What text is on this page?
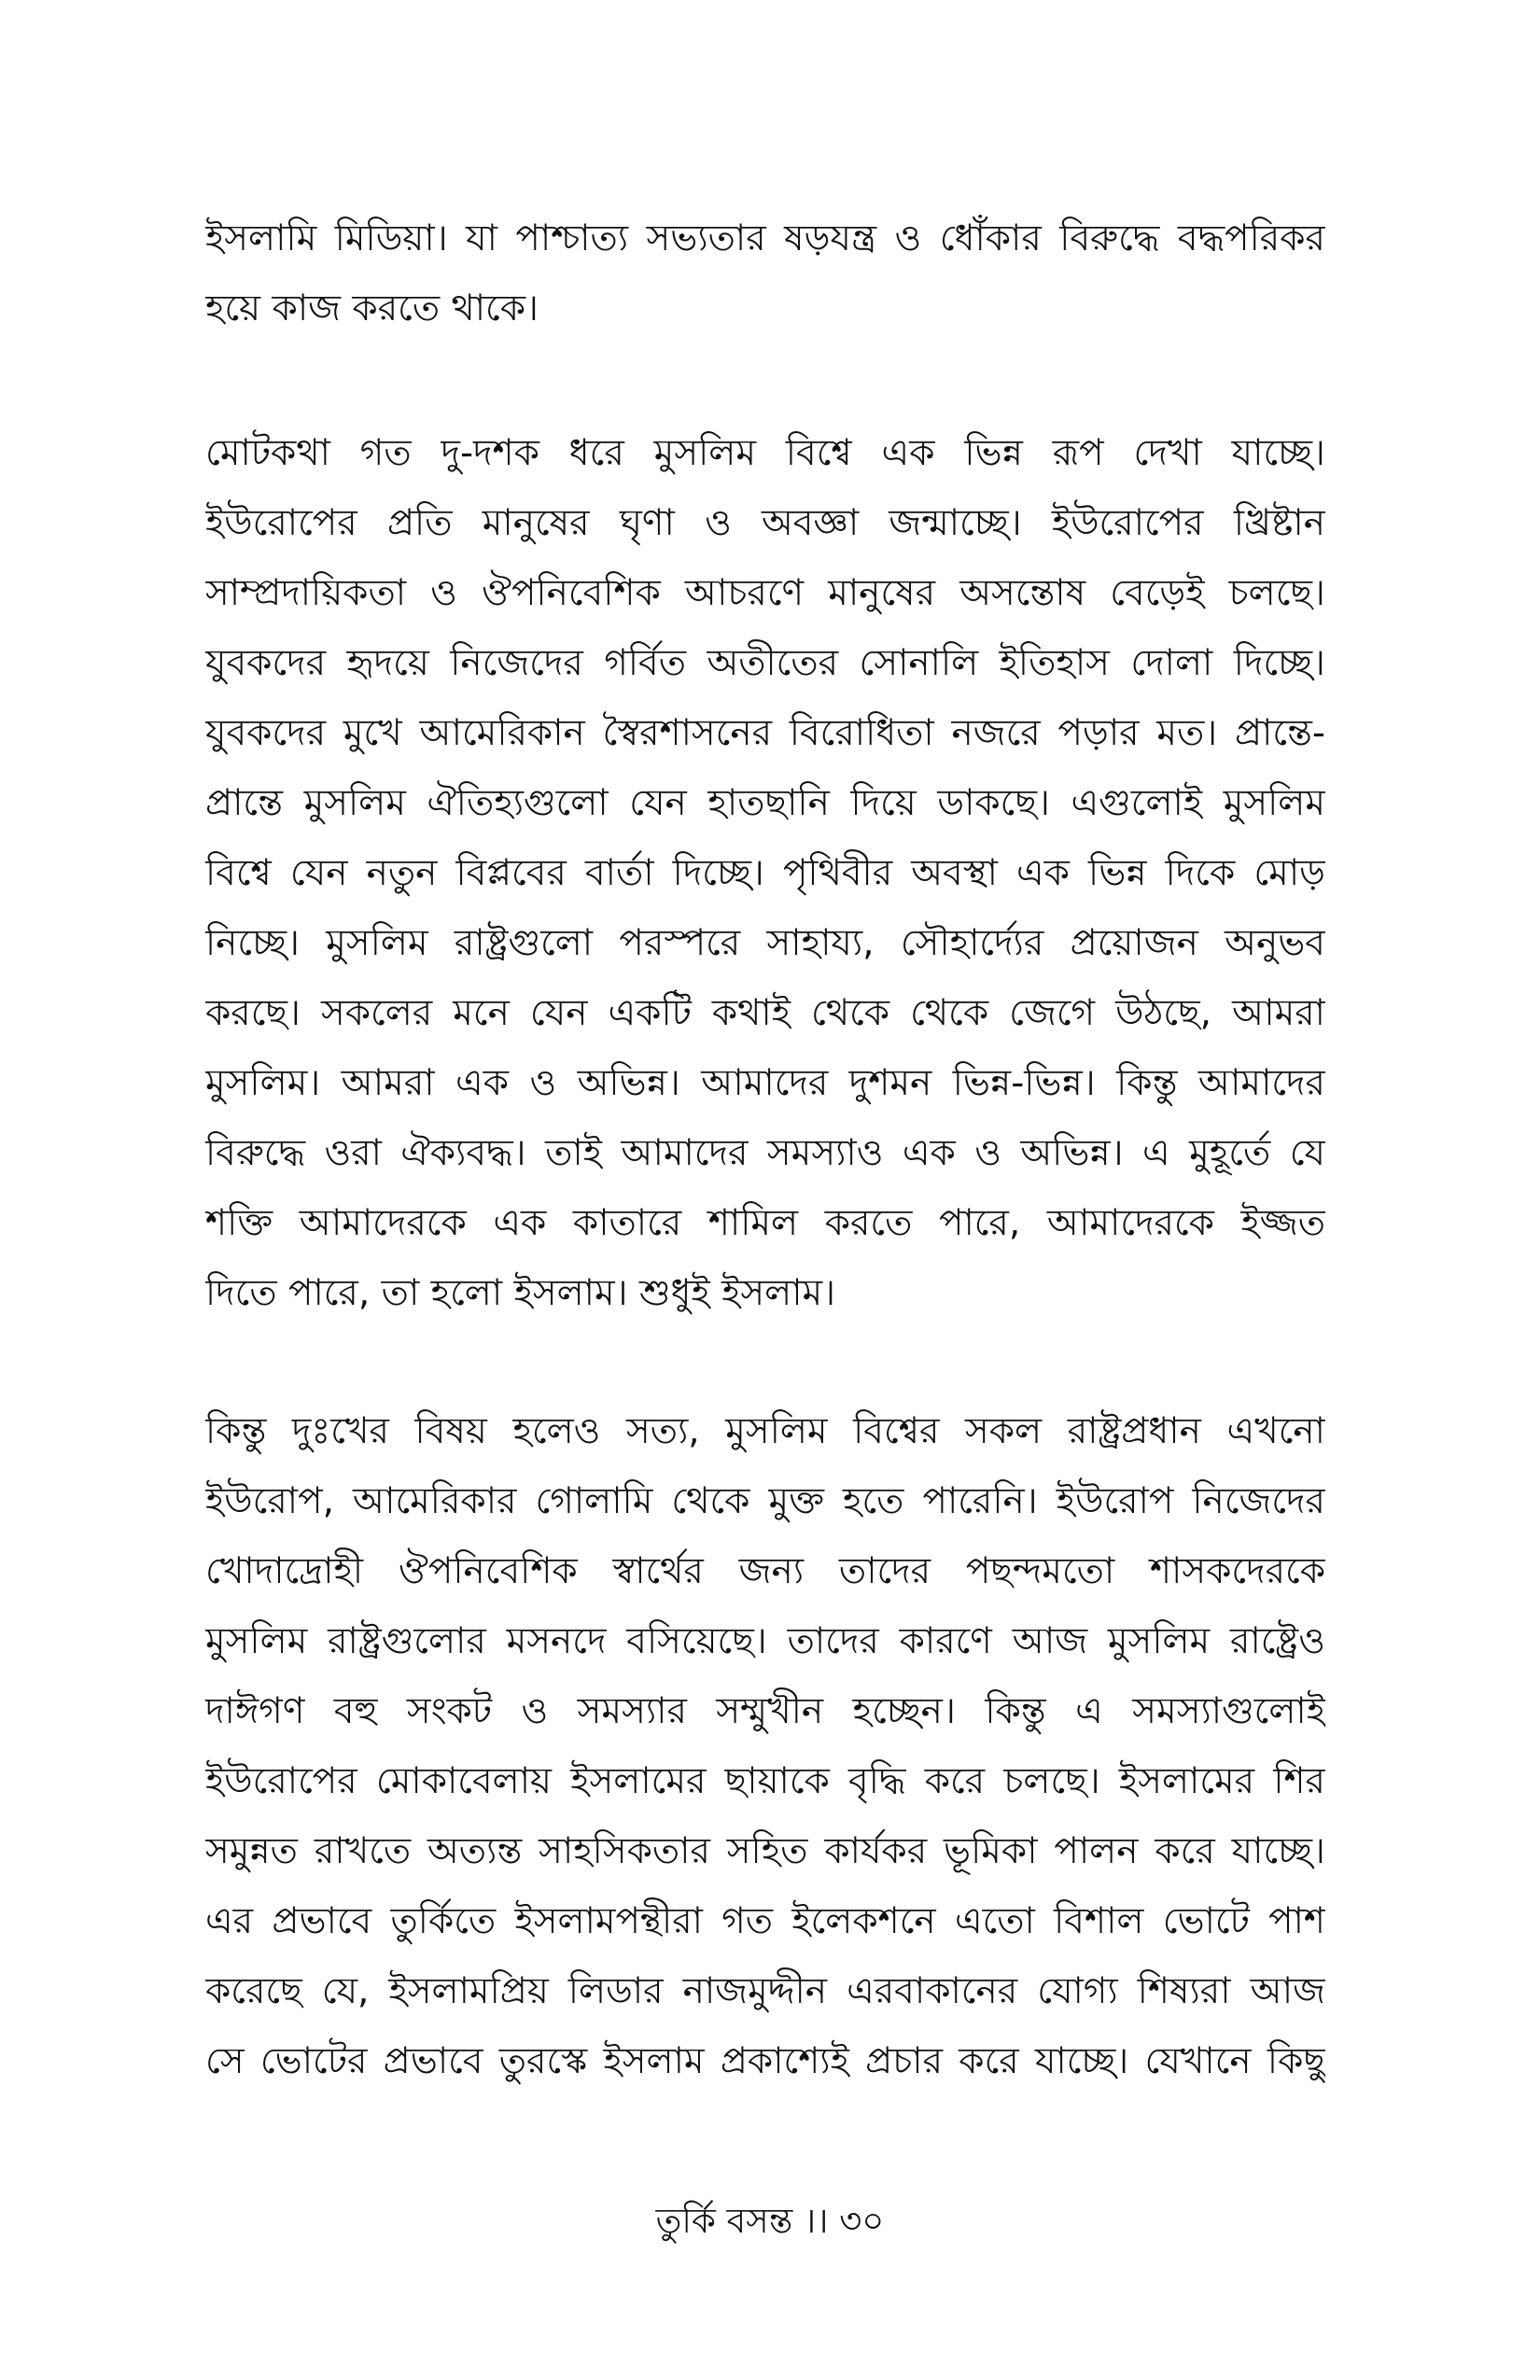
ইসলামি মিডিয়া। যা পাশ্চাত্য সভ্যতার ষড়যন্ত্র ও ধোঁকার বিরুদ্ধে বদ্ধপরিকর
হয়ে কাজ করতে থাকে।
মোটকথা গত দু-দশক ধরে মুসলিম বিশ্বে এক ভিন্ন রূপ দেখা যাচ্ছে।
ইউরোপের প্রতি মানুষের ঘৃণা ও অবজ্ঞা জন্মাচ্ছে। ইউরোপের খ্রিষ্টান
সাম্প্রদায়িকতা ও ঔপনিবেশিক আচরণে মানুষের অসন্তোষ বেড়েই চলছে।
যুবকদের হৃদয়ে নিজেদের গর্বিত অতীতের সোনালি ইতিহাস দোলা দিচ্ছে।
যুবকদের মুখে আমেরিকান স্বৈরশাসনের বিরোধিতা নজরে পড়ার মত। প্রান্তে-
প্রান্তে মুসলিম ঐতিহ্যগুলো যেন হাতছানি দিয়ে ডাকছে। এগুলোই মুসলিম
বিশ্বে যেন নতুন বিপ্লবের বার্তা দিচ্ছে। পৃথিবীর অবস্থা এক ভিন্ন দিকে মোড়
নিচ্ছে। মুসলিম রাষ্ট্রগুলো পরস্পরে সাহায্য, সৌহার্দ্যের প্রয়োজন অনুভব
করছে। সকলের মনে যেন একটি কথাই থেকে থেকে জেগে উঠছে, আমরা
মুসলিম। আমরা এক ও অভিন্ন। আমাদের দুশমন ভিন্ন-ভিন্ন। কিন্তু আমাদের
বিরুদ্ধে ওরা ঐক্যবদ্ধ। তাই আমাদের সমস্যাও এক ও অভিন্ন। এ মুহূর্তে যে
শক্তি আমাদেরকে এক কাতারে শামিল করতে পারে, আমাদেরকে ইজ্জত
দিতে পারে, তা হলো ইসলাম। শুধুই ইসলাম।
কিন্তু দুঃখের বিষয় হলেও সত্য, মুসলিম বিশ্বের সকল রাষ্ট্রপ্রধান এখনো
ইউরোপ, আমেরিকার গোলামি থেকে মুক্ত হতে পারেনি। ইউরোপ নিজেদের
খোদাদ্রোহী ঔপনিবেশিক স্বার্থের জন্য তাদের পছন্দমতো শাসকদেরকে
মুসলিম রাষ্ট্রগুলোর মসনদে বসিয়েছে। তাদের কারণে আজ মুসলিম রাষ্ট্রেও
দাঈগণ বহু সংকট ও সমস্যার সম্মুখীন হচ্ছেন। কিন্তু এ সমস্যাগুলোই
ইউরোপের মোকাবেলায় ইসলামের ছায়াকে বৃদ্ধি করে চলছে। ইসলামের শির
সমুন্নত রাখতে অত্যন্ত সাহসিকতার সহিত কার্যকর ভূমিকা পালন করে যাচ্ছে।
এর প্রভাবে তুর্কিতে ইসলামপন্থীরা গত ইলেকশনে এতো বিশাল ভোটে পাশ
করেছে যে, ইসলামপ্রিয় লিডার নাজমুদ্দীন এরবাকানের যোগ্য শিষ্যরা আজ
সে ভোটের প্রভাবে তুরস্কে ইসলাম প্রকাশ্যেই প্রচার করে যাচ্ছে। যেখানে কিছু
তুর্কি বসন্ত ।। ৩০
